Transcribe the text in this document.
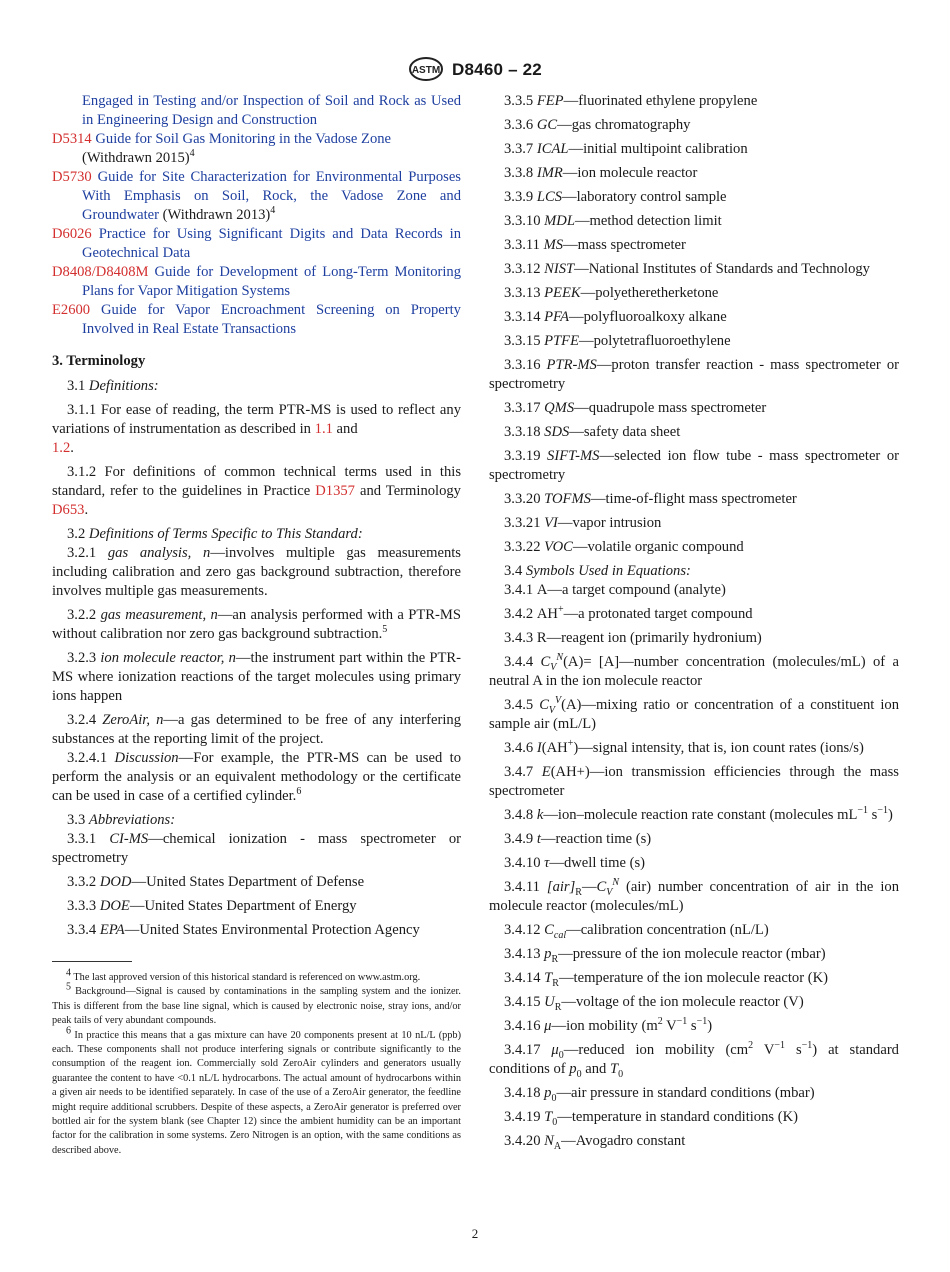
ASTM D8460 – 22

Engaged in Testing and/or Inspection of Soil and Rock as Used in Engineering Design and Construction

D5314 Guide for Soil Gas Monitoring in the Vadose Zone
(Withdrawn 2015)$^4$

D5730 Guide for Site Characterization for Environmental Purposes With Emphasis on Soil, Rock, the Vadose Zone and Groundwater (Withdrawn 2013)$^4$

D6026 Practice for Using Significant Digits and Data Records in Geotechnical Data

D8408/D8408M Guide for Development of Long-Term Monitoring Plans for Vapor Mitigation Systems

E2600 Guide for Vapor Encroachment Screening on Property Involved in Real Estate Transactions

3. Terminology

3.1 Definitions:

3.1.1 For ease of reading, the term PTR-MS is used to reflect any variations of instrumentation as described in 1.1 and
1.2.

3.1.2 For definitions of common technical terms used in this standard, refer to the guidelines in Practice D1357 and Terminology D653.

3.2 Definitions of Terms Specific to This Standard:

3.2.1 gas analysis, n—involves multiple gas measurements including calibration and zero gas background subtraction, therefore involves multiple gas measurements.

3.2.2 gas measurement, n—an analysis performed with a PTR-MS without calibration nor zero gas background subtraction.$^5$

3.2.3 ion molecule reactor, n—the instrument part within the PTR-MS where ionization reactions of the target molecules using primary ions happen

3.2.4 ZeroAir, n—a gas determined to be free of any interfering substances at the reporting limit of the project.

3.2.4.1 Discussion—For example, the PTR-MS can be used to perform the analysis or an equivalent methodology or the certificate can be used in case of a certified cylinder.$^6$

3.3 Abbreviations:

3.3.1 CI-MS—chemical ionization - mass spectrometer or spectrometry

3.3.2 DOD—United States Department of Defense

3.3.3 DOE—United States Department of Energy

3.3.4 EPA—United States Environmental Protection Agency

$^4$ The last approved version of this historical standard is referenced on www.astm.org.

$^5$ Background—Signal is caused by contaminations in the sampling system and the ionizer. This is different from the base line signal, which is caused by electronic noise, stray ions, and/or peak tails of very abundant compounds.

$^6$ In practice this means that a gas mixture can have 20 components present at 10 nL/L (ppb) each. These components shall not produce interfering signals or contribute significantly to the consumption of the reagent ion. Commercially sold ZeroAir cylinders and generators usually guarantee the content to have <0.1 nL/L hydrocarbons. The actual amount of hydrocarbons within a given air needs to be identified separately. In case of the use of a ZeroAir generator, the feedline might require additional scrubbers. Despite of these aspects, a ZeroAir generator is preferred over bottled air for the system blank (see Chapter 12) since the ambient humidity can be an important factor for the calibration in some systems. Zero Nitrogen is an option, with the same conditions as described above.

3.3.5 FEP—fluorinated ethylene propylene

3.3.6 GC—gas chromatography

3.3.7 ICAL—initial multipoint calibration

3.3.8 IMR—ion molecule reactor

3.3.9 LCS—laboratory control sample

3.3.10 MDL—method detection limit

3.3.11 MS—mass spectrometer

3.3.12 NIST—National Institutes of Standards and Technology

3.3.13 PEEK—polyetheretherketone

3.3.14 PFA—polyfluoroalkoxy alkane

3.3.15 PTFE—polytetrafluoroethylene

3.3.16 PTR-MS—proton transfer reaction - mass spectrometer or spectrometry

3.3.17 QMS—quadrupole mass spectrometer

3.3.18 SDS—safety data sheet

3.3.19 SIFT-MS—selected ion flow tube - mass spectrometer or spectrometry

3.3.20 TOFMS—time-of-flight mass spectrometer

3.3.21 VI—vapor intrusion

3.3.22 VOC—volatile organic compound

3.4 Symbols Used in Equations:

3.4.1 A—a target compound (analyte)

3.4.2 AH+—a protonated target compound

3.4.3 R—reagent ion (primarily hydronium)

3.4.4 $C_V^N(A)=$ [A]—number concentration (molecules/mL) of a neutral A in the ion molecule reactor

3.4.5 $C_V^V(A)—mixing$ ratio or concentration of a constituent ion sample air (mL/L)

3.4.6 I(AH+)—signal intensity, that is, ion count rates (ions/s)

3.4.7 E(AH+)—ion transmission efficiencies through the mass spectrometer

3.4.8 k—ion–molecule reaction rate constant (molecules $mL^{-1}$ $s^{-1}$)

3.4.9 t—reaction time (s)

3.4.10 τ—dwell time (s)

3.4.11 $[air]_R—C_V^N$ (air) number concentration of air in the ion molecule reactor (molecules/mL)

3.4.12 $C_{cal}—calibration$ concentration (nL/L)

3.4.13 $p_R—pressure$ of the ion molecule reactor (mbar)

3.4.14 $T_R—temperature$ of the ion molecule reactor (K)

3.4.15 $U_R—voltage$ of the ion molecule reactor (V)

3.4.16 μ—ion mobility ($m^2$ $V^{-1}$ $s^{-1}$)

3.4.17 $\mu_0—reduced$ ion mobility ($cm^2$ $V^{-1}$ $s^{-1}$) at standard conditions of $p_0$ and $T_0$

3.4.18 $p_0—air$ pressure in standard conditions (mbar)

3.4.19 $T_0—temperature$ in standard conditions (K)

3.4.20 $N_A—Avogadro$ constant

2
